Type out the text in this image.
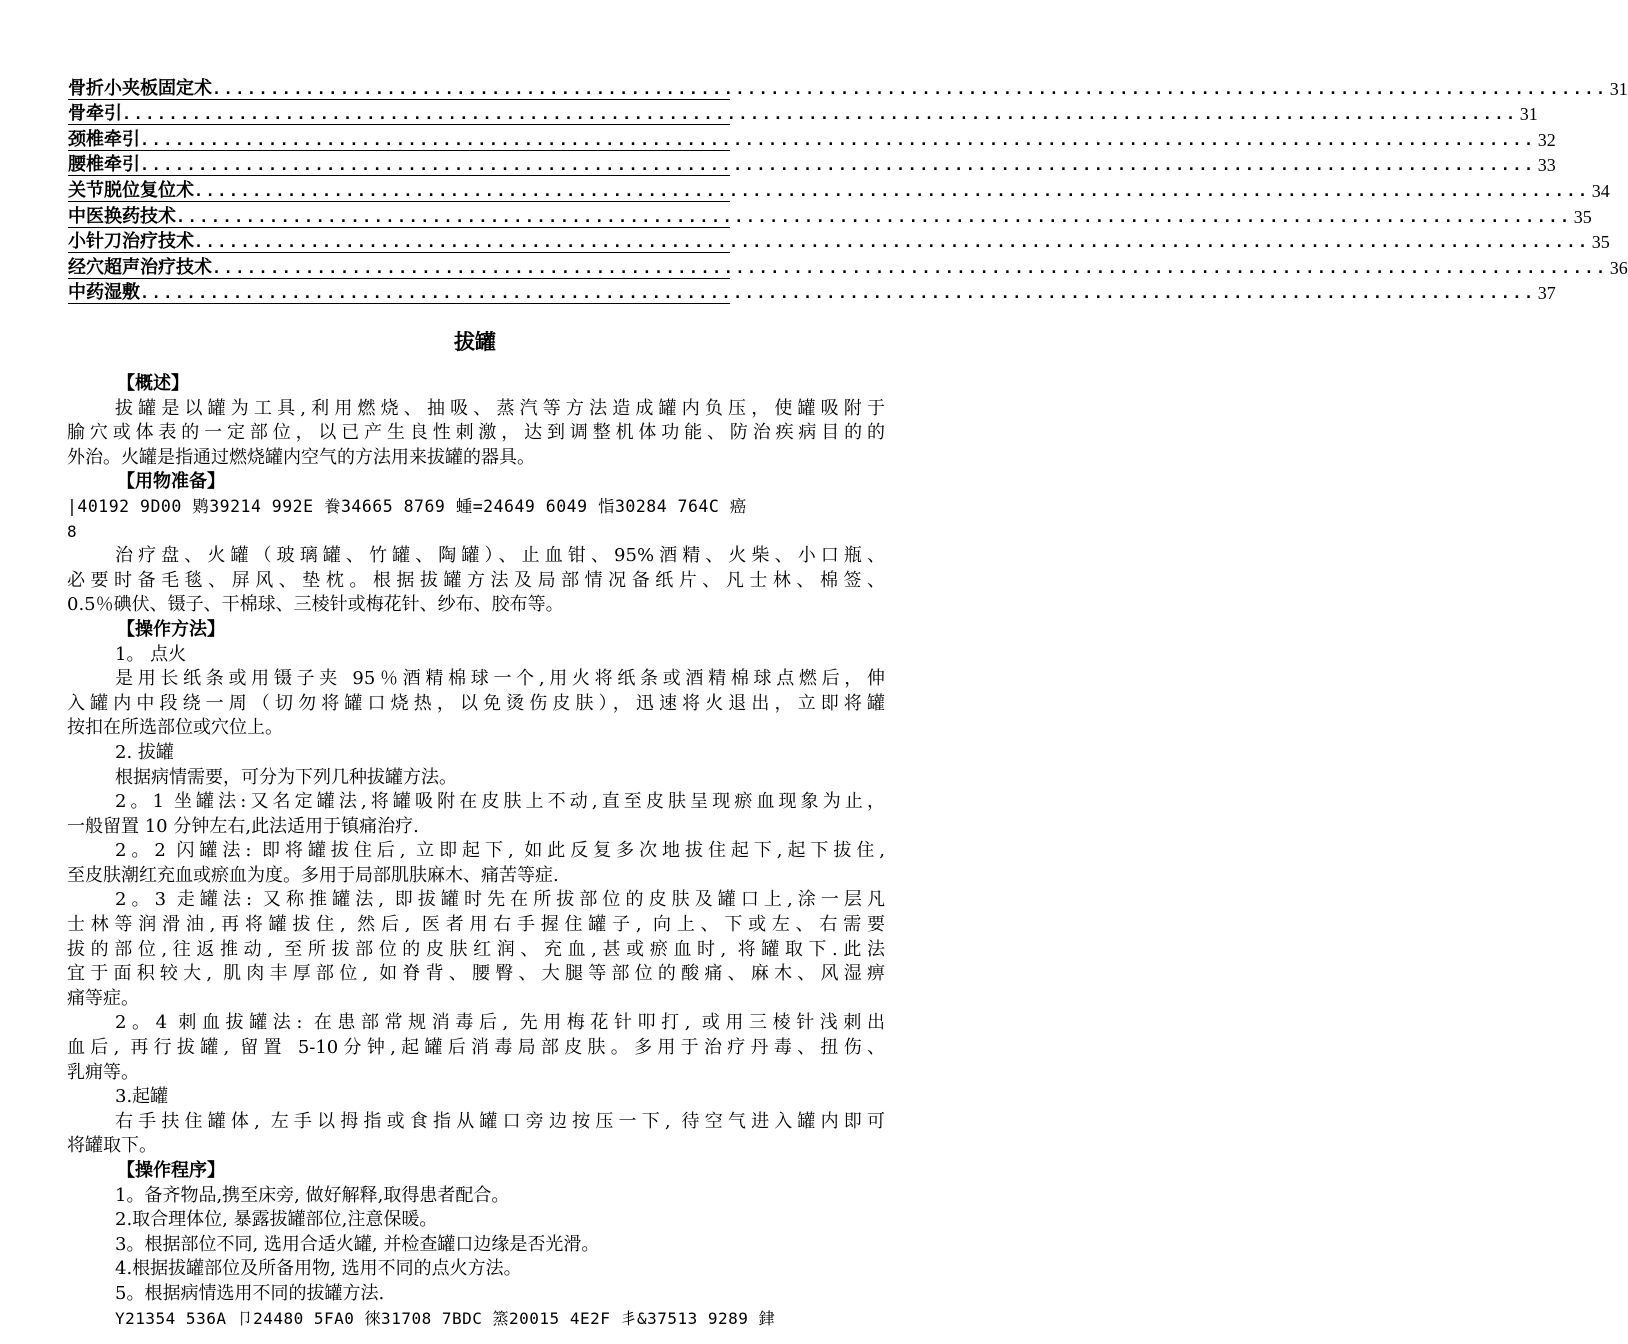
骨折小夹板固定术 ........................................................................................................................ 31
骨牵引 ........................................................................................................................ 31
颈椎牵引 ........................................................................................................................ 32
腰椎牵引 ........................................................................................................................ 33
关节脱位复位术 ........................................................................................................................ 34
中医换药技术 ........................................................................................................................ 35
小针刀治疗技术 ........................................................................................................................ 35
经穴超声治疗技术 ........................................................................................................................ 36
中药湿敷 ........................................................................................................................ 37
拔罐
【概述】
拔罐是以罐为工具,利用燃烧、抽吸、蒸汽等方法造成罐内负压，使罐吸附于
腧穴或体表的一定部位，以已产生良性刺激，达到调整机体功能、防治疾病目的的
外治。火罐是指通过燃烧罐内空气的方法用来拔罐的器具。
【用物准备】
|40192 9D00 䴗39214 992E 飬34665 8769 蝩=24649 6049 恉30284 764C 癌
8
治疗盘、火罐（玻璃罐、竹罐、陶罐）、止血钳、95%酒精、火柴、小口瓶、
必要时备毛毯、屏风、垫枕。根据拔罐方法及局部情况备纸片、凡士林、棉签、
0.5％碘伏、镊子、干棉球、三棱针或梅花针、纱布、胶布等。
【操作方法】
1。 点火
是用长纸条或用镊子夹 95％酒精棉球一个,用火将纸条或酒精棉球点燃后，伸
入罐内中段绕一周（切勿将罐口烧热，以免烫伤皮肤），迅速将火退出，立即将罐
按扣在所选部位或穴位上。
2. 拔罐
根据病情需要，可分为下列几种拔罐方法。
2。1 坐罐法:又名定罐法,将罐吸附在皮肤上不动,直至皮肤呈现瘀血现象为止，
一般留置 10 分钟左右,此法适用于镇痛治疗.
2。2 闪罐法: 即将罐拔住后, 立即起下, 如此反复多次地拔住起下,起下拔住,
至皮肤潮红充血或瘀血为度。多用于局部肌肤麻木、痛苦等症.
2。3 走罐法: 又称推罐法, 即拔罐时先在所拔部位的皮肤及罐口上,涂一层凡
士林等润滑油,再将罐拔住, 然后, 医者用右手握住罐子, 向上、下或左、右需要
拔的部位,往返推动, 至所拔部位的皮肤红润、充血,甚或瘀血时, 将罐取下.此法
宜于面积较大, 肌肉丰厚部位, 如脊背、腰臀、大腿等部位的酸痛、麻木、风湿痹
痛等症。
2。4 刺血拔罐法: 在患部常规消毒后, 先用梅花针叩打, 或用三棱针浅刺出
血后, 再行拔罐, 留置 5-10分钟,起罐后消毒局部皮肤。多用于治疗丹毒、扭伤、
乳痈等。
3.起罐
右手扶住罐体, 左手以拇指或食指从罐口旁边按压一下, 待空气进入罐内即可
将罐取下。
【操作程序】
1。备齐物品,携至床旁, 做好解释,取得患者配合。
2.取合理体位, 暴露拔罐部位,注意保暖。
3。根据部位不同, 选用合适火罐, 并检查罐口边缘是否光滑。
4.根据拔罐部位及所备用物, 选用不同的点火方法。
5。根据病情选用不同的拔罐方法.
Y21354 536A 卩24480 5FA0 徠31708 7BDC 篜20015 4E2F 丯&37513 9289 銉
